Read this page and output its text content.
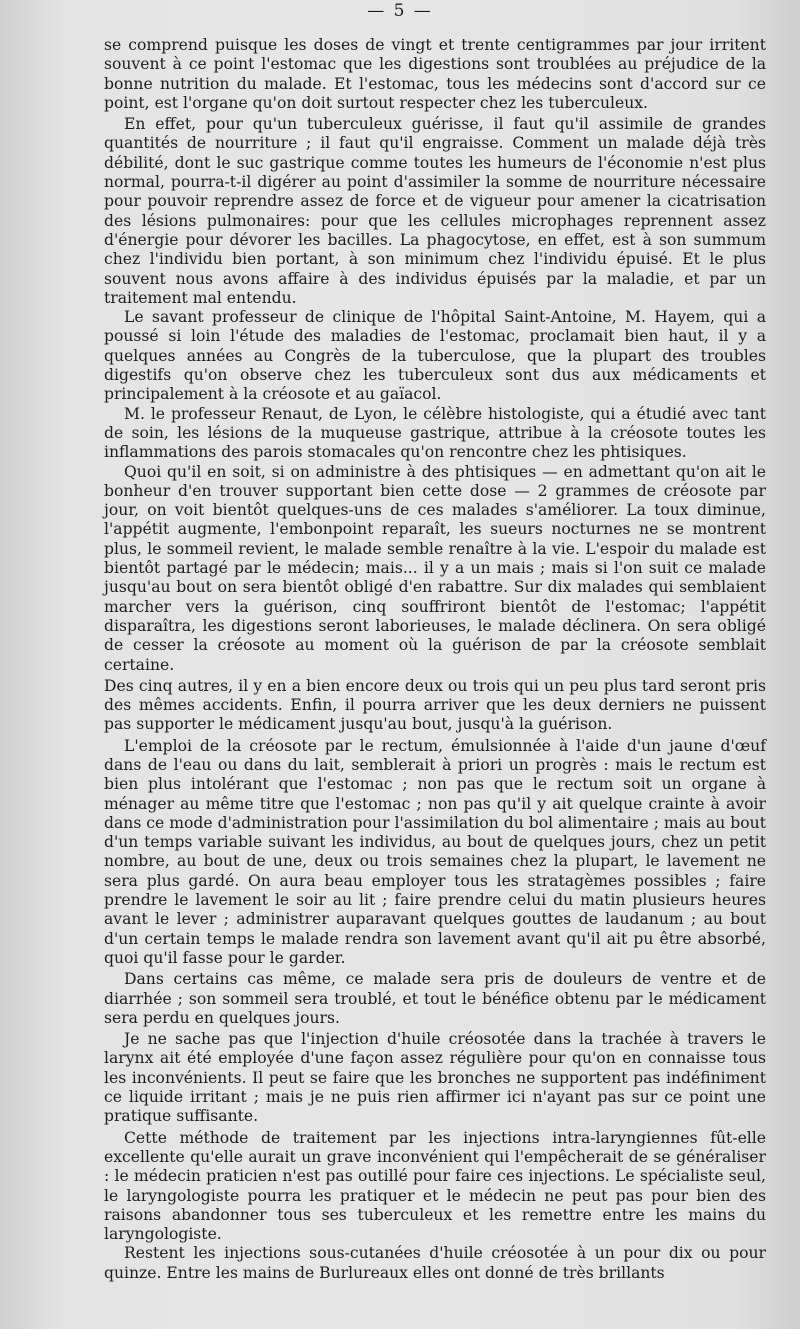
— 5 —

se comprend puisque les doses de vingt et trente centigrammes par jour irritent souvent à ce point l'estomac que les digestions sont troublées au préjudice de la bonne nutrition du malade. Et l'estomac, tous les médecins sont d'accord sur ce point, est l'organe qu'on doit surtout respecter chez les tuberculeux.

En effet, pour qu'un tuberculeux guérisse, il faut qu'il assimile de grandes quantités de nourriture ; il faut qu'il engraisse. Comment un malade déjà très débilité, dont le suc gastrique comme toutes les humeurs de l'économie n'est plus normal, pourra-t-il digérer au point d'assimiler la somme de nourriture nécessaire pour pouvoir reprendre assez de force et de vigueur pour amener la cicatrisation des lésions pulmonaires: pour que les cellules microphages reprennent assez d'énergie pour dévorer les bacilles. La phagocytose, en effet, est à son summum chez l'individu bien portant, à son minimum chez l'individu épuisé. Et le plus souvent nous avons affaire à des individus épuisés par la maladie, et par un traitement mal entendu.

Le savant professeur de clinique de l'hôpital Saint-Antoine, M. Hayem, qui a poussé si loin l'étude des maladies de l'estomac, proclamait bien haut, il y a quelques années au Congrès de la tuberculose, que la plupart des troubles digestifs qu'on observe chez les tuberculeux sont dus aux médicaments et principalement à la créosote et au gaïacol.

M. le professeur Renaut, de Lyon, le célèbre histologiste, qui a étudié avec tant de soin, les lésions de la muqueuse gastrique, attribue à la créosote toutes les inflammations des parois stomacales qu'on rencontre chez les phtisiques.

Quoi qu'il en soit, si on administre à des phtisiques — en admettant qu'on ait le bonheur d'en trouver supportant bien cette dose — 2 grammes de créosote par jour, on voit bientôt quelques-uns de ces malades s'améliorer. La toux diminue, l'appétit augmente, l'embonpoint reparaît, les sueurs nocturnes ne se montrent plus, le sommeil revient, le malade semble renaître à la vie. L'espoir du malade est bientôt partagé par le médecin; mais... il y a un mais ; mais si l'on suit ce malade jusqu'au bout on sera bientôt obligé d'en rabattre. Sur dix malades qui semblaient marcher vers la guérison, cinq souffriront bientôt de l'estomac; l'appétit disparaîtra, les digestions seront laborieuses, le malade déclinera. On sera obligé de cesser la créosote au moment où la guérison de par la créosote semblait certaine.

Des cinq autres, il y en a bien encore deux ou trois qui un peu plus tard seront pris des mêmes accidents. Enfin, il pourra arriver que les deux derniers ne puissent pas supporter le médicament jusqu'au bout, jusqu'à la guérison.

L'emploi de la créosote par le rectum, émulsionnée à l'aide d'un jaune d'œuf dans de l'eau ou dans du lait, semblerait à priori un progrès : mais le rectum est bien plus intolérant que l'estomac ; non pas que le rectum soit un organe à ménager au même titre que l'estomac ; non pas qu'il y ait quelque crainte à avoir dans ce mode d'administration pour l'assimilation du bol alimentaire ; mais au bout d'un temps variable suivant les individus, au bout de quelques jours, chez un petit nombre, au bout de une, deux ou trois semaines chez la plupart, le lavement ne sera plus gardé. On aura beau employer tous les stratagèmes possibles ; faire prendre le lavement le soir au lit ; faire prendre celui du matin plusieurs heures avant le lever ; administrer auparavant quelques gouttes de laudanum ; au bout d'un certain temps le malade rendra son lavement avant qu'il ait pu être absorbé, quoi qu'il fasse pour le garder.

Dans certains cas même, ce malade sera pris de douleurs de ventre et de diarrhée ; son sommeil sera troublé, et tout le bénéfice obtenu par le médicament sera perdu en quelques jours.

Je ne sache pas que l'injection d'huile créosotée dans la trachée à travers le larynx ait été employée d'une façon assez régulière pour qu'on en connaisse tous les inconvénients. Il peut se faire que les bronches ne supportent pas indéfiniment ce liquide irritant ; mais je ne puis rien affirmer ici n'ayant pas sur ce point une pratique suffisante.

Cette méthode de traitement par les injections intra-laryngiennes fût-elle excellente qu'elle aurait un grave inconvénient qui l'empêcherait de se généraliser : le médecin praticien n'est pas outillé pour faire ces injections. Le spécialiste seul, le laryngologiste pourra les pratiquer et le médecin ne peut pas pour bien des raisons abandonner tous ses tuberculeux et les remettre entre les mains du laryngologiste.

Restent les injections sous-cutanées d'huile créosotée à un pour dix ou pour quinze. Entre les mains de Burlureaux elles ont donné de très brillants
